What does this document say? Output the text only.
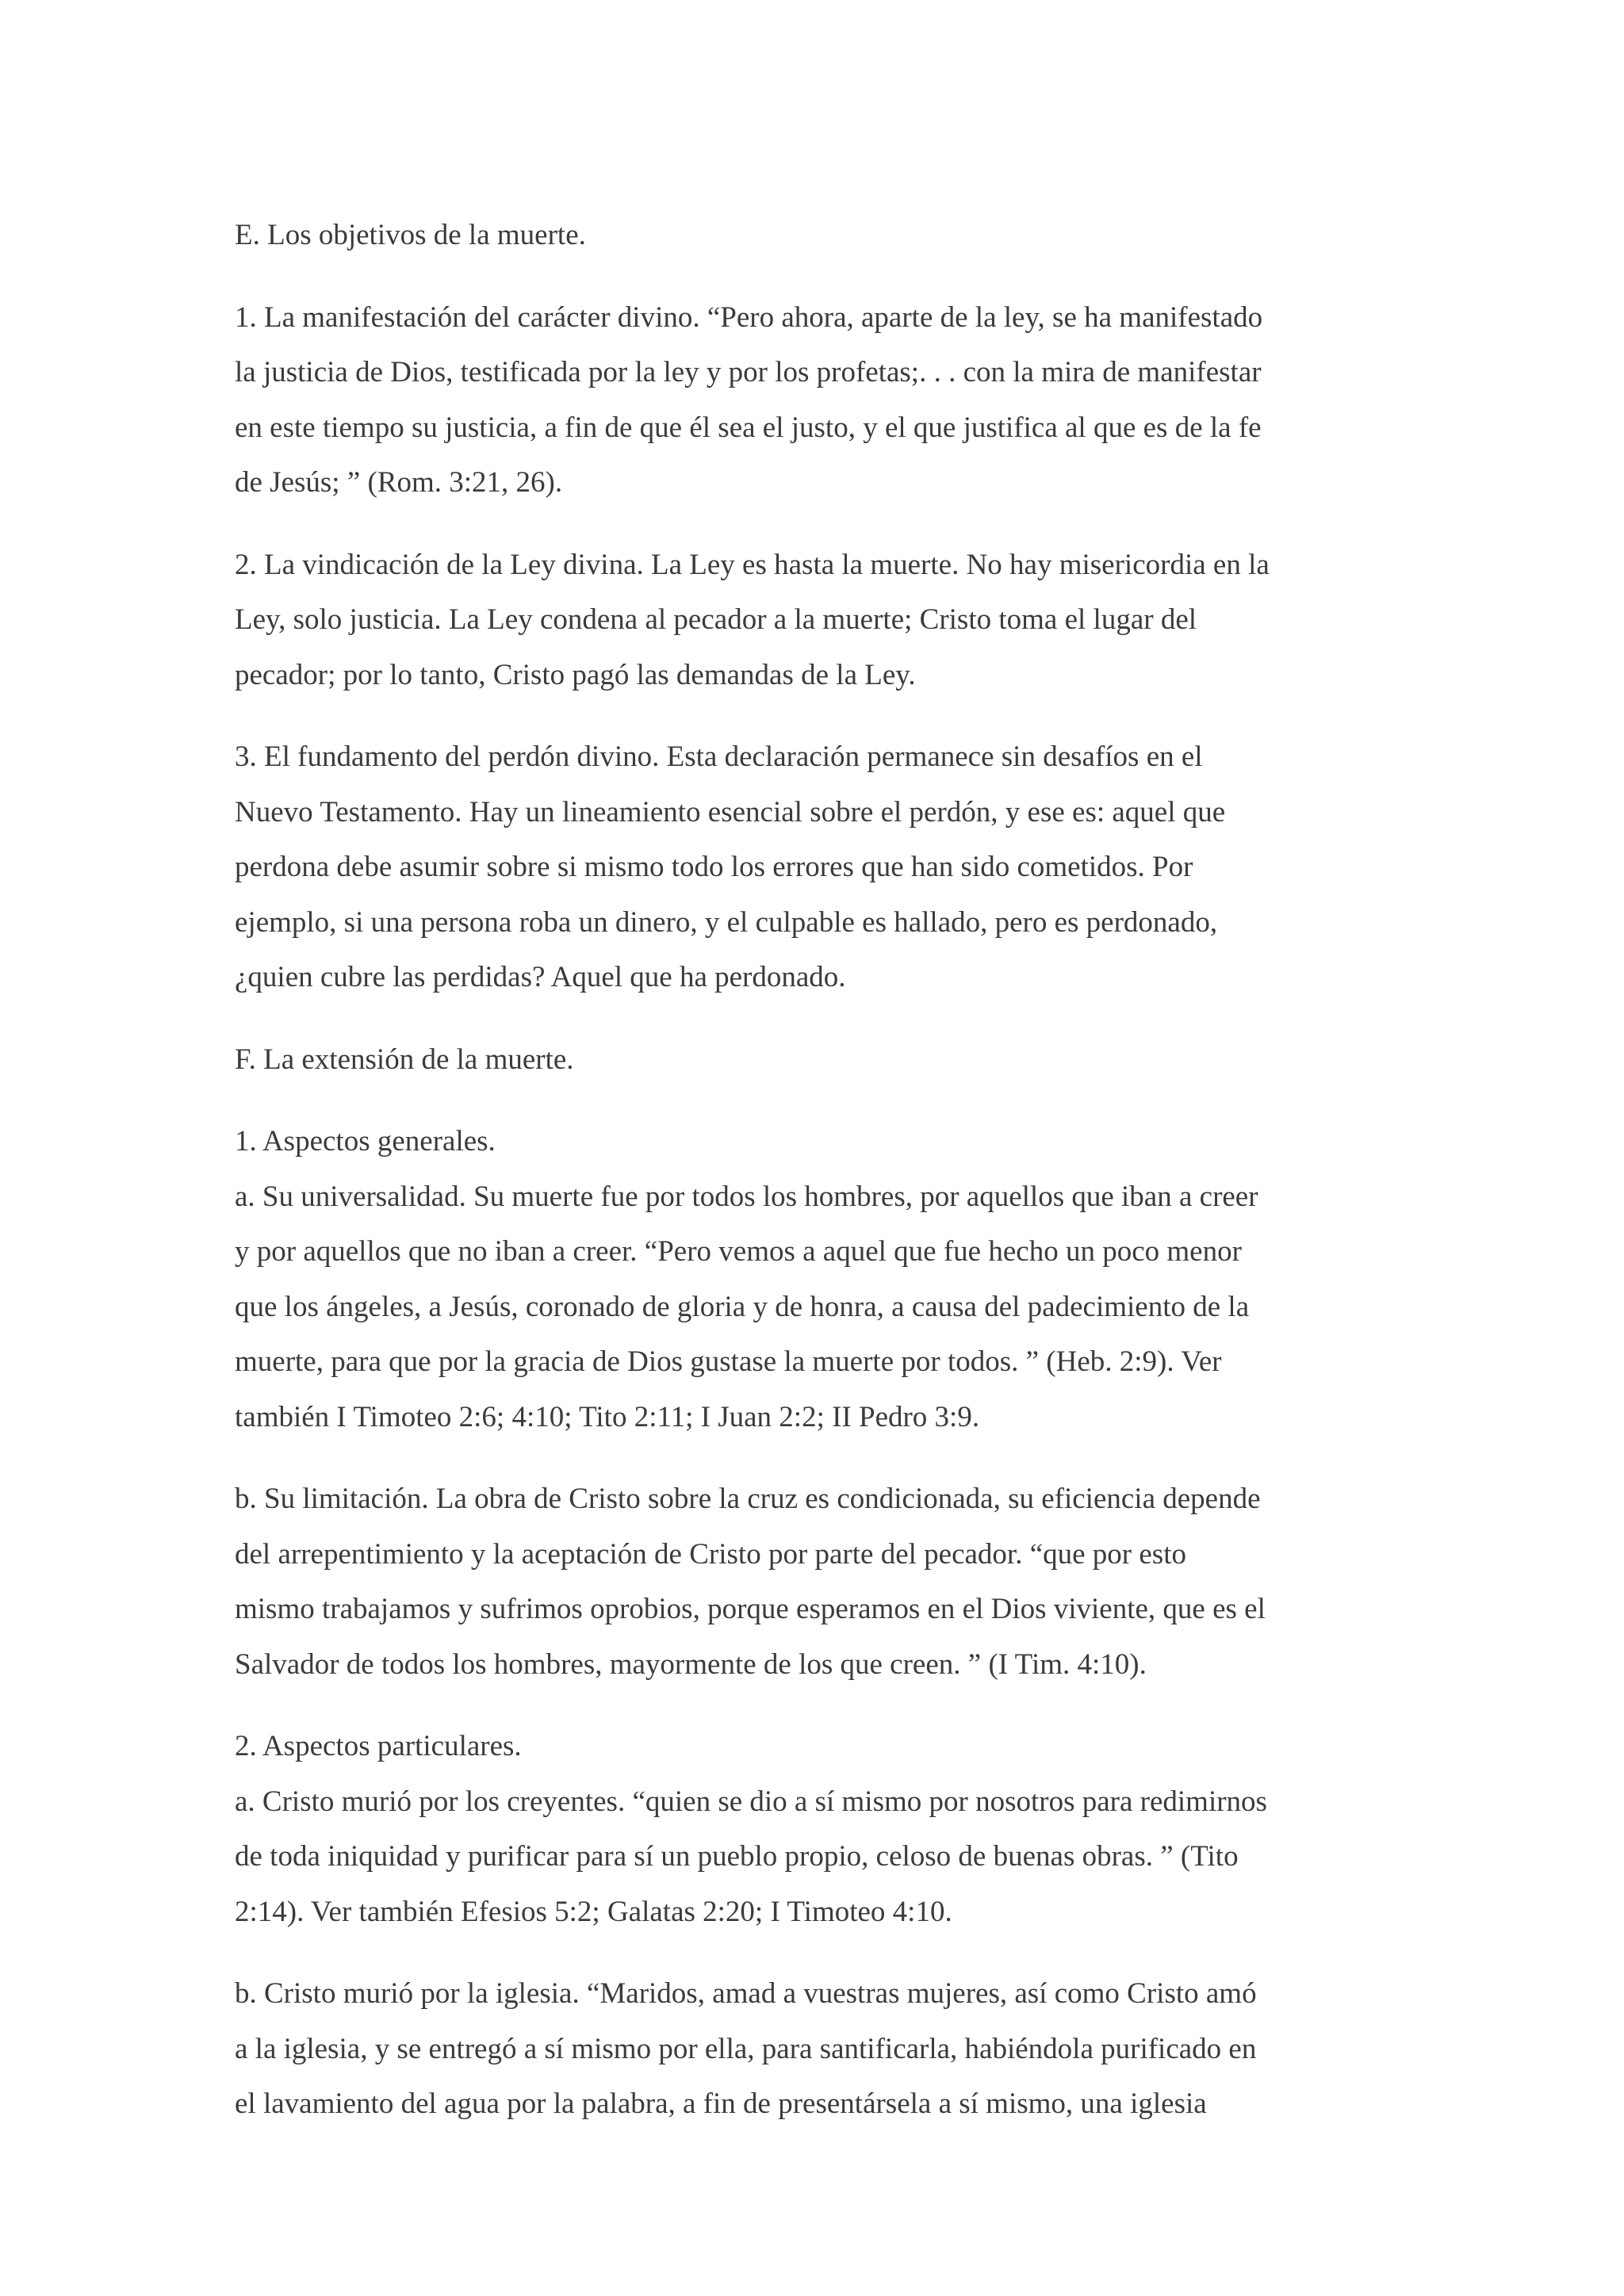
E. Los objetivos de la muerte.

1. La manifestación del carácter divino. “Pero ahora, aparte de la ley, se ha manifestado
la justicia de Dios, testificada por la ley y por los profetas;. . . con la mira de manifestar
en este tiempo su justicia, a fin de que él sea el justo, y el que justifica al que es de la fe
de Jesús; ” (Rom. 3:21, 26).

2. La vindicación de la Ley divina. La Ley es hasta la muerte. No hay misericordia en la
Ley, solo justicia. La Ley condena al pecador a la muerte; Cristo toma el lugar del
pecador; por lo tanto, Cristo pagó las demandas de la Ley.

3. El fundamento del perdón divino. Esta declaración permanece sin desafíos en el
Nuevo Testamento. Hay un lineamiento esencial sobre el perdón, y ese es: aquel que
perdona debe asumir sobre si mismo todo los errores que han sido cometidos. Por
ejemplo, si una persona roba un dinero, y el culpable es hallado, pero es perdonado,
¿quien cubre las perdidas? Aquel que ha perdonado.

F. La extensión de la muerte.

1. Aspectos generales.
a. Su universalidad. Su muerte fue por todos los hombres, por aquellos que iban a creer
y por aquellos que no iban a creer. “Pero vemos a aquel que fue hecho un poco menor
que los ángeles, a Jesús, coronado de gloria y de honra, a causa del padecimiento de la
muerte, para que por la gracia de Dios gustase la muerte por todos. ” (Heb. 2:9). Ver
también I Timoteo 2:6; 4:10; Tito 2:11; I Juan 2:2; II Pedro 3:9.

b. Su limitación. La obra de Cristo sobre la cruz es condicionada, su eficiencia depende
del arrepentimiento y la aceptación de Cristo por parte del pecador. “que por esto
mismo trabajamos y sufrimos oprobios, porque esperamos en el Dios viviente, que es el
Salvador de todos los hombres, mayormente de los que creen. ” (I Tim. 4:10).

2. Aspectos particulares.
a. Cristo murió por los creyentes. “quien se dio a sí mismo por nosotros para redimirnos
de toda iniquidad y purificar para sí un pueblo propio, celoso de buenas obras. ” (Tito
2:14). Ver también Efesios 5:2; Galatas 2:20; I Timoteo 4:10.

b. Cristo murió por la iglesia. “Maridos, amad a vuestras mujeres, así como Cristo amó
a la iglesia, y se entregó a sí mismo por ella, para santificarla, habiéndola purificado en
el lavamiento del agua por la palabra, a fin de presentársela a sí mismo, una iglesia
